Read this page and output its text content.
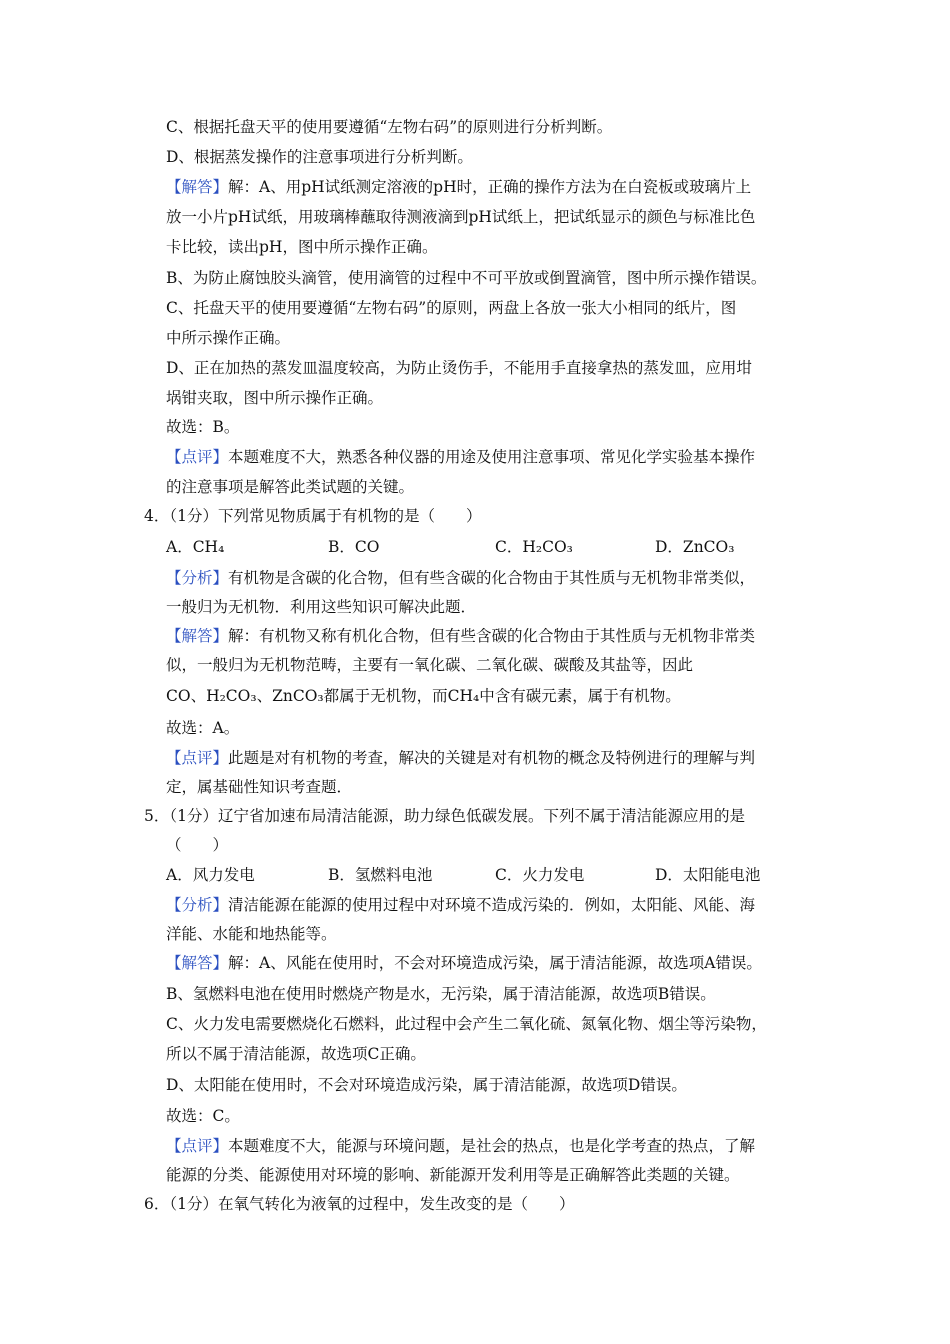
C、根据托盘天平的使用要遵循“左物右码”的原则进行分析判断。
D、根据蒸发操作的注意事项进行分析判断。
【解答】解：A、用pH试纸测定溶液的pH时，正确的操作方法为在白瓷板或玻璃片上
放一小片pH试纸，用玻璃棒蘸取待测液滴到pH试纸上，把试纸显示的颜色与标准比色
卡比较，读出pH，图中所示操作正确。
B、为防止腐蚀胶头滴管，使用滴管的过程中不可平放或倒置滴管，图中所示操作错误。
C、托盘天平的使用要遵循“左物右码”的原则，两盘上各放一张大小相同的纸片，图
中所示操作正确。
D、正在加热的蒸发皿温度较高，为防止烫伤手，不能用手直接拿热的蒸发皿，应用坩
埚钳夹取，图中所示操作正确。
故选：B。
【点评】本题难度不大，熟悉各种仪器的用途及使用注意事项、常见化学实验基本操作
的注意事项是解答此类试题的关键。
4．（1分）下列常见物质属于有机物的是（　　）
A．CH₄	B．CO	C．H₂CO₃	D．ZnCO₃
【分析】有机物是含碳的化合物，但有些含碳的化合物由于其性质与无机物非常类似，
一般归为无机物．利用这些知识可解决此题．
【解答】解：有机物又称有机化合物，但有些含碳的化合物由于其性质与无机物非常类
似，一般归为无机物范畴，主要有一氧化碳、二氧化碳、碳酸及其盐等，因此
CO、H₂CO₃、ZnCO₃都属于无机物，而CH₄中含有碳元素，属于有机物。
故选：A。
【点评】此题是对有机物的考查，解决的关键是对有机物的概念及特例进行的理解与判
定，属基础性知识考查题．
5．（1分）辽宁省加速布局清洁能源，助力绿色低碳发展。下列不属于清洁能源应用的是
（　　）
A．风力发电	B．氢燃料电池	C．火力发电	D．太阳能电池
【分析】清洁能源在能源的使用过程中对环境不造成污染的．例如，太阳能、风能、海
洋能、水能和地热能等。
【解答】解：A、风能在使用时，不会对环境造成污染，属于清洁能源，故选项A错误。
B、氢燃料电池在使用时燃烧产物是水，无污染，属于清洁能源，故选项B错误。
C、火力发电需要燃烧化石燃料，此过程中会产生二氧化硫、氮氧化物、烟尘等污染物，
所以不属于清洁能源，故选项C正确。
D、太阳能在使用时，不会对环境造成污染，属于清洁能源，故选项D错误。
故选：C。
【点评】本题难度不大，能源与环境问题，是社会的热点，也是化学考查的热点，了解
能源的分类、能源使用对环境的影响、新能源开发利用等是正确解答此类题的关键。
6．（1分）在氧气转化为液氧的过程中，发生改变的是（　　）
